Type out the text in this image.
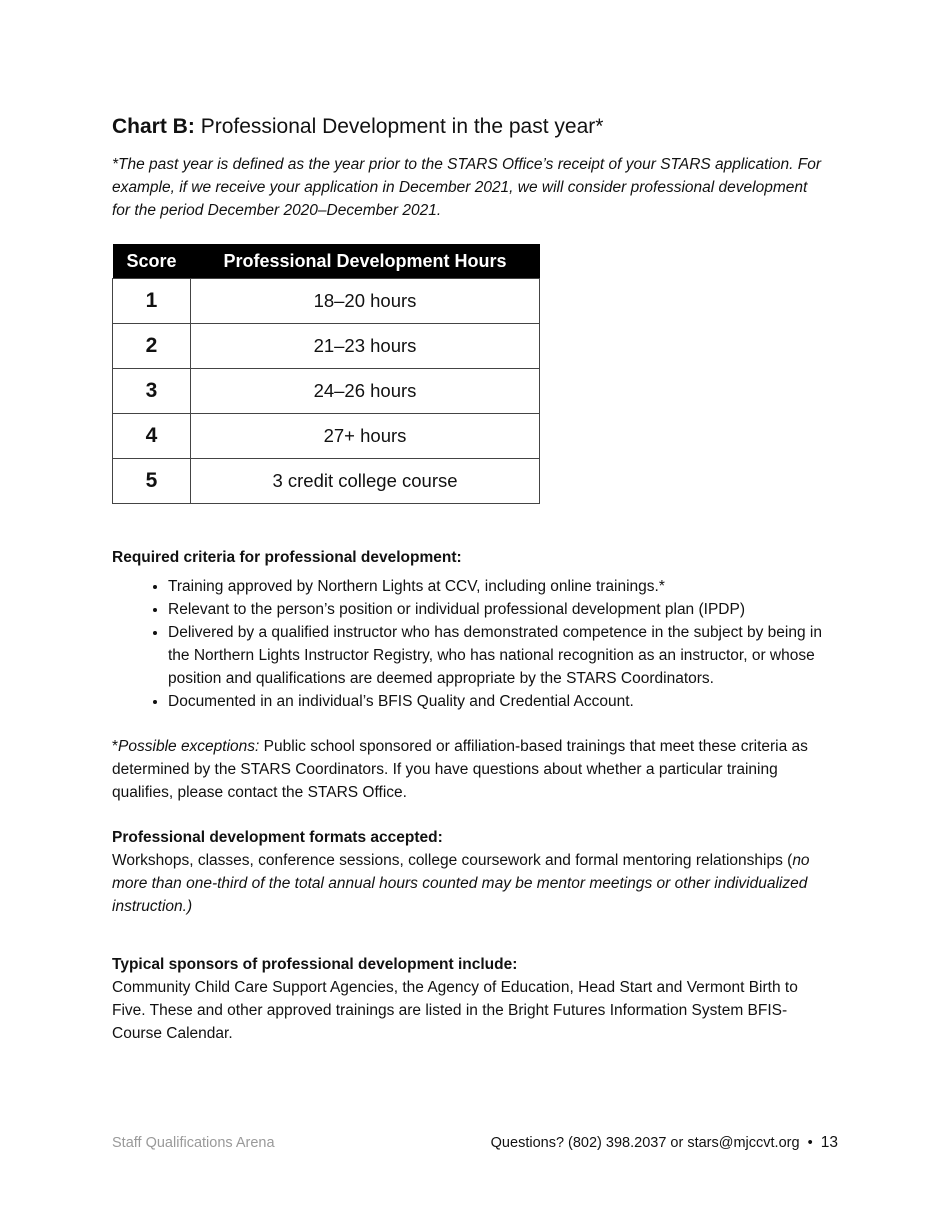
Chart B: Professional Development in the past year*

*The past year is defined as the year prior to the STARS Office’s receipt of your STARS application. For example, if we receive your application in December 2021, we will consider professional development for the period December 2020–December 2021.

Score	Professional Development Hours
1	18–20 hours
2	21–23 hours
3	24–26 hours
4	27+ hours
5	3 credit college course

Required criteria for professional development:

• Training approved by Northern Lights at CCV, including online trainings.*
• Relevant to the person’s position or individual professional development plan (IPDP)
• Delivered by a qualified instructor who has demonstrated competence in the subject by being in the Northern Lights Instructor Registry, who has national recognition as an instructor, or whose position and qualifications are deemed appropriate by the STARS Coordinators.
• Documented in an individual’s BFIS Quality and Credential Account.

*Possible exceptions: Public school sponsored or affiliation-based trainings that meet these criteria as determined by the STARS Coordinators. If you have questions about whether a particular training qualifies, please contact the STARS Office.

Professional development formats accepted:

Workshops, classes, conference sessions, college coursework and formal mentoring relationships (no more than one-third of the total annual hours counted may be mentor meetings or other individualized instruction.)

Typical sponsors of professional development include:

Community Child Care Support Agencies, the Agency of Education, Head Start and Vermont Birth to Five. These and other approved trainings are listed in the Bright Futures Information System BFIS-Course Calendar.

Staff Qualifications Arena	Questions? (802) 398.2037 or stars@mjccvt.org • 13
